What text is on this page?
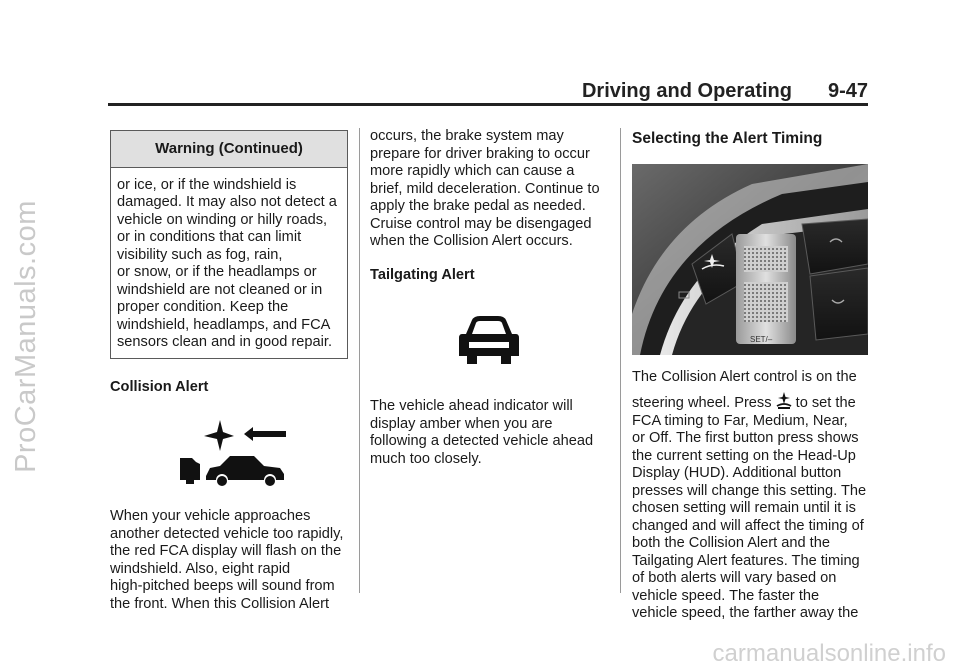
ProCarManuals.com
carmanualsonline.info
Driving and Operating 9-47
Warning (Continued)

or ice, or if the windshield is

damaged. It may also not detect a

vehicle on winding or hilly roads,

or in conditions that can limit

visibility such as fog, rain,

or snow, or if the headlamps or

windshield are not cleaned or in

proper condition. Keep the

windshield, headlamps, and FCA

sensors clean and in good repair.

Collision Alert

When your vehicle approaches

another detected vehicle too rapidly,

the red FCA display will flash on the

windshield. Also, eight rapid

high-pitched beeps will sound from

the front. When this Collision Alert

occurs, the brake system may

prepare for driver braking to occur

more rapidly which can cause a

brief, mild deceleration. Continue to

apply the brake pedal as needed.

Cruise control may be disengaged

when the Collision Alert occurs.

Tailgating Alert

The vehicle ahead indicator will

display amber when you are

following a detected vehicle ahead

much too closely.

Selecting the Alert Timing

SET/–

The Collision Alert control is on the

steering wheel. Press to set the

FCA timing to Far, Medium, Near,

or Off. The first button press shows

the current setting on the Head-Up

Display (HUD). Additional button

presses will change this setting. The

chosen setting will remain until it is

changed and will affect the timing of

both the Collision Alert and the

Tailgating Alert features. The timing

of both alerts will vary based on

vehicle speed. The faster the

vehicle speed, the farther away the
